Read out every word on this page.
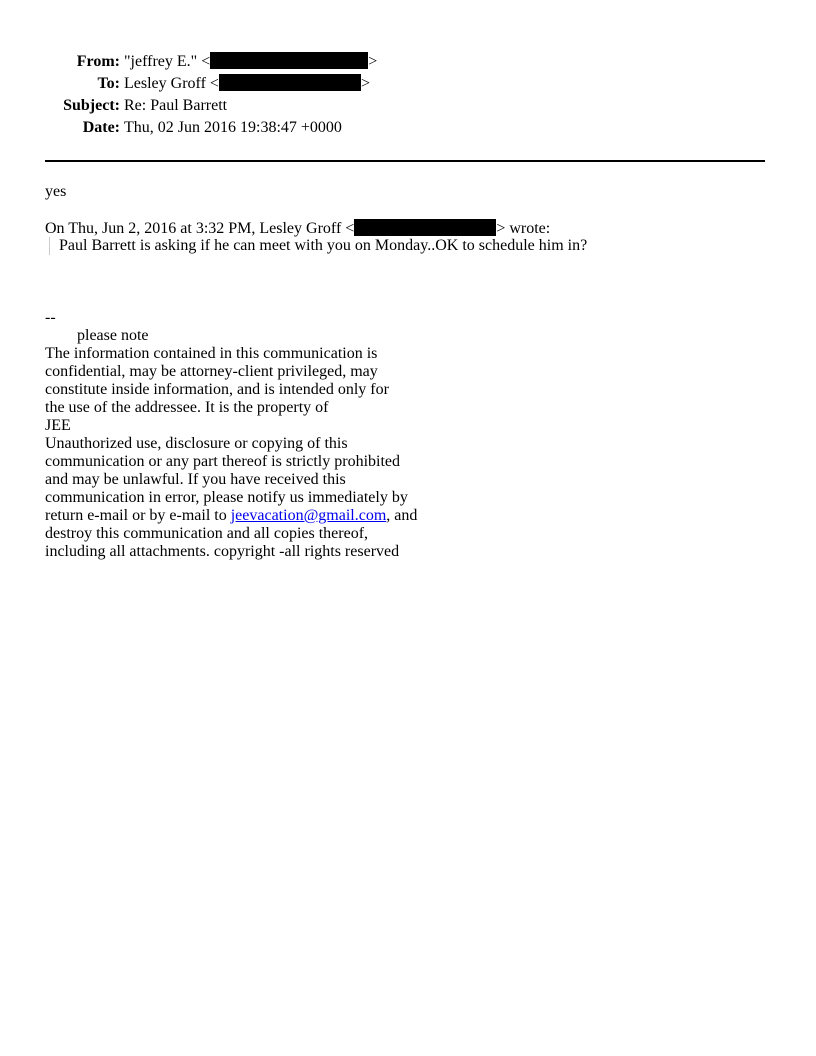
From:	"jeffrey E." < >
To:	Lesley Groff < >
Subject:	Re: Paul Barrett
Date:	Thu, 02 Jun 2016 19:38:47 +0000
yes
On Thu, Jun 2, 2016 at 3:32 PM, Lesley Groff <	> wrote:
Paul Barrett is asking if he can meet with you on Monday..OK to schedule him in?
--
please note
The information contained in this communication is
confidential, may be attorney-client privileged, may
constitute inside information, and is intended only for
the use of the addressee. It is the property of
JEE
Unauthorized use, disclosure or copying of this
communication or any part thereof is strictly prohibited
and may be unlawful. If you have received this
communication in error, please notify us immediately by
return e-mail or by e-mail to jeevacation@gmail.com, and
destroy this communication and all copies thereof,
including all attachments. copyright -all rights reserved
